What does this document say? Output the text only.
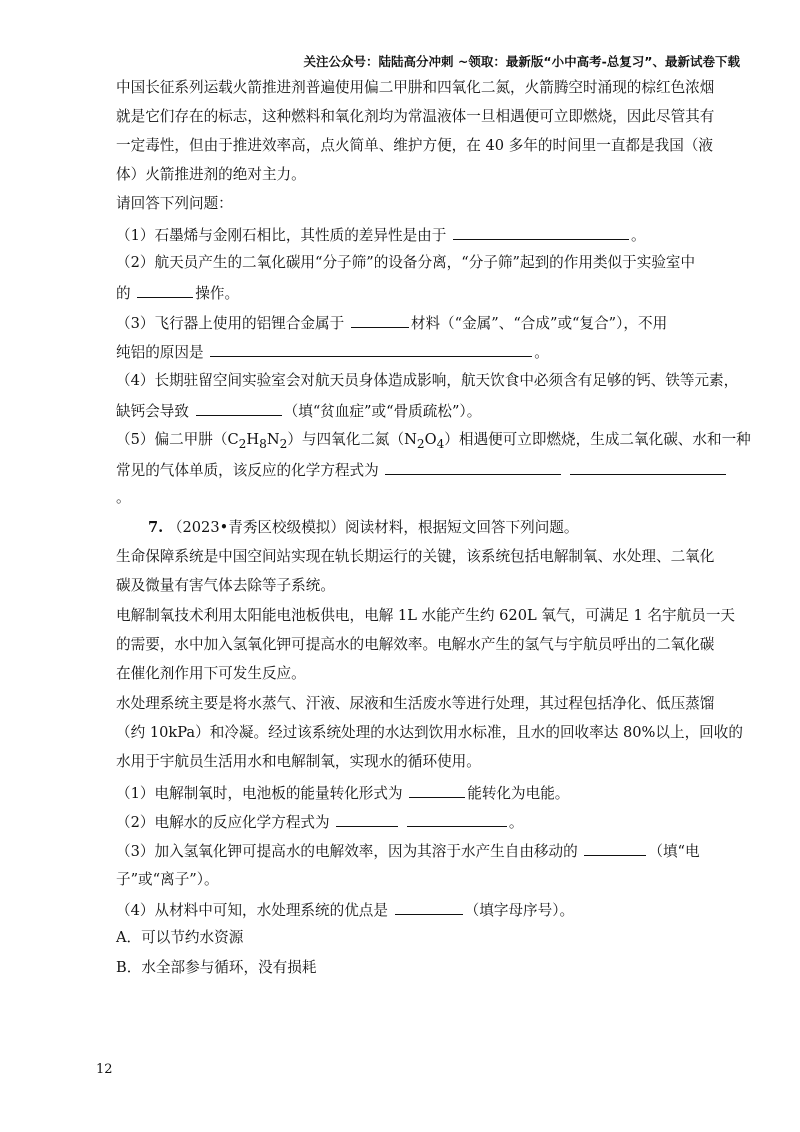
关注公众号：陆陆高分冲刺 ~领取：最新版“小中高考-总复习”、最新试卷下载
中国长征系列运载火箭推进剂普遍使用偏二甲肼和四氧化二氮，火箭腾空时涌现的棕红色浓烟
就是它们存在的标志，这种燃料和氧化剂均为常温液体一旦相遇便可立即燃烧，因此尽管其有
一定毒性，但由于推进效率高，点火简单、维护方便，在 40 多年的时间里一直都是我国（液
体）火箭推进剂的绝对主力。
请回答下列问题：
（1）石墨烯与金刚石相比，其性质的差异性是由于	。
（2）航天员产生的二氧化碳用“分子筛”的设备分离，“分子筛”起到的作用类似于实验室中
的	操作。
（3）飞行器上使用的铝锂合金属于	材料（“金属”、“合成”或“复合”），不用
纯铝的原因是	。
（4）长期驻留空间实验室会对航天员身体造成影响，航天饮食中必须含有足够的钙、铁等元素，
缺钙会导致	（填“贫血症”或“骨质疏松”）。
（5）偏二甲肼$(C_2H_8N_2)$与四氧化二氮$(N_2O_4)$相遇便可立即燃烧，生成二氧化碳、水和一种
常见的气体单质，该反应的化学方程式为
。
7. （2023•青秀区校级模拟）阅读材料，根据短文回答下列问题。
生命保障系统是中国空间站实现在轨长期运行的关键，该系统包括电解制氧、水处理、二氧化
碳及微量有害气体去除等子系统。
电解制氧技术利用太阳能电池板供电，电解 1L 水能产生约 620L 氧气，可满足 1 名宇航员一天
的需要，水中加入氢氧化钾可提高水的电解效率。电解水产生的氢气与宇航员呼出的二氧化碳
在催化剂作用下可发生反应。
水处理系统主要是将水蒸气、汗液、尿液和生活废水等进行处理，其过程包括净化、低压蒸馏
（约 10kPa）和冷凝。经过该系统处理的水达到饮用水标准，且水的回收率达 80%以上，回收的
水用于宇航员生活用水和电解制氧，实现水的循环使用。
（1）电解制氧时，电池板的能量转化形式为	能转化为电能。
（2）电解水的反应化学方程式为	。
（3）加入氢氧化钾可提高水的电解效率，因为其溶于水产生自由移动的	（填“电
子”或“离子”）。
（4）从材料中可知，水处理系统的优点是	（填字母序号）。
A．可以节约水资源
B．水全部参与循环，没有损耗
12
